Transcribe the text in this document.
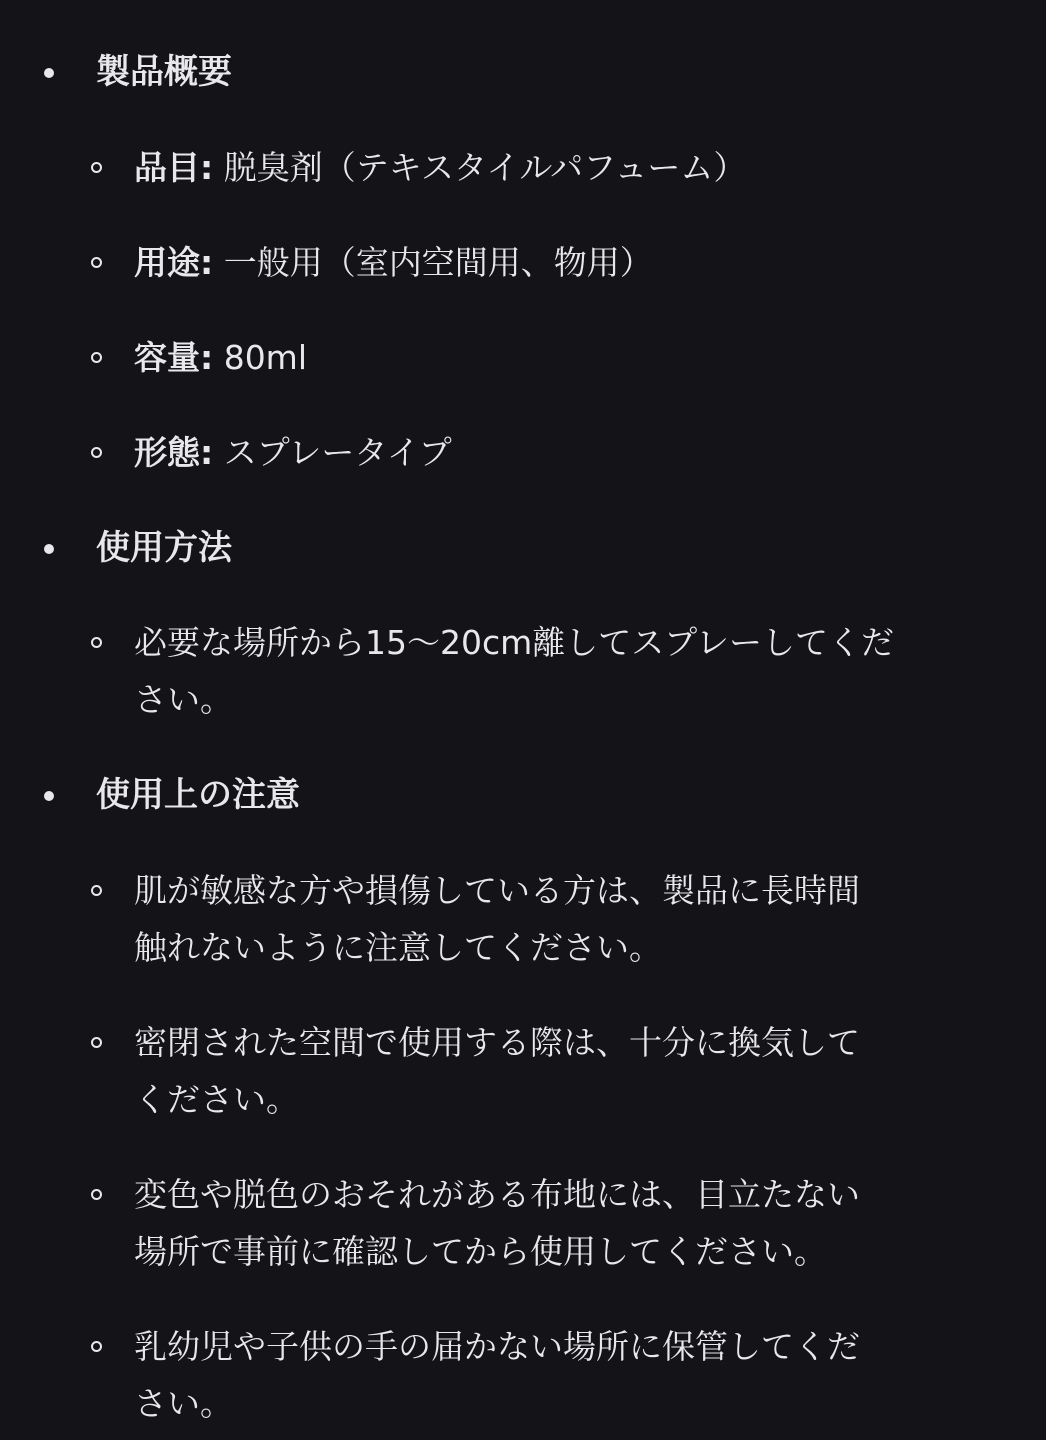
製品概要
品目: 脱臭剤（テキスタイルパフューム）
用途: 一般用（室内空間用、物用）
容量: 80ml
形態: スプレータイプ
使用方法
必要な場所から15〜20cm離してスプレーしてくだ
さい。
使用上の注意
肌が敏感な方や損傷している方は、製品に長時間
触れないように注意してください。
密閉された空間で使用する際は、十分に換気して
ください。
変色や脱色のおそれがある布地には、目立たない
場所で事前に確認してから使用してください。
乳幼児や子供の手の届かない場所に保管してくだ
さい。
